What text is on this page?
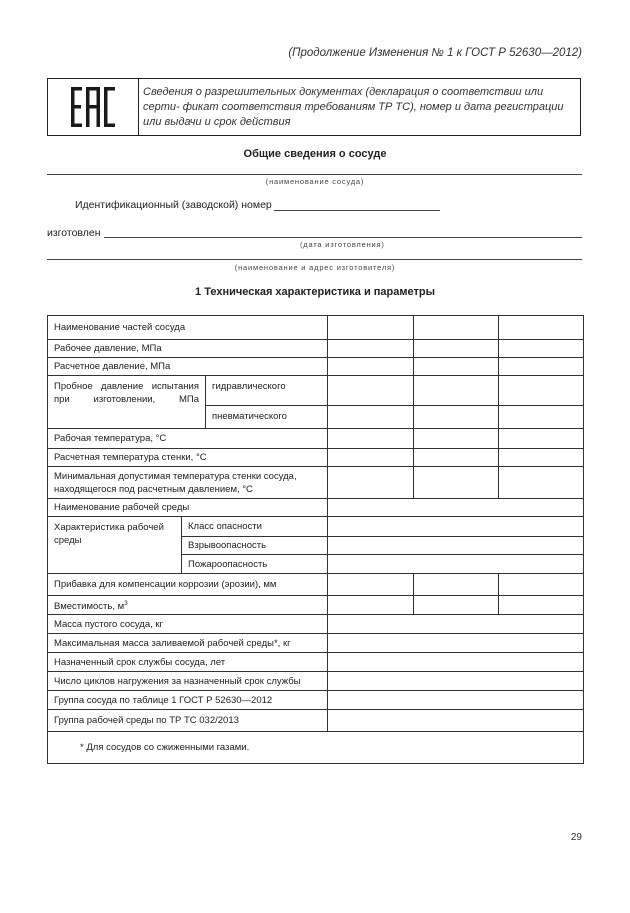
(Продолжение Изменения № 1 к ГОСТ Р 52630—2012)
Сведения о разрешительных документах (декларация о соответствии или серти- фикат соответствия требованиям ТР ТС), номер и дата регистрации или выдачи и срок действия
Общие сведения о сосуде
(наименование сосуда)
Идентификационный (заводской) номер
изготовлен
(дата изготовления)
(наименование и адрес изготовителя)
1 Техническая характеристика и параметры
Наименование частей сосуда					
Рабочее давление, МПа					
Расчетное давление, МПа					
Пробное давление испытания при изготовлении, МПа		гидравлического			
		пневматического			
Рабочая температура, °С					
Расчетная температура стенки, °С					
Минимальная допустимая температура стенки сосуда, находящегося под расчетным давлением, °С					
Наименование рабочей среды					
Характеристика рабочей среды	Класс опасности				
	Взрывоопасность				
	Пожароопасность				
Прибавка для компенсации коррозии (эрозии), мм					
Вместимость, $м^3$			
Масса пустого сосуда, кг					
Максимальная масса заливаемой рабочей среды*, кг					
Назначенный срок службы сосуда, лет					
Число циклов нагружения за назначенный срок службы					
Группа сосуда по таблице 1 ГОСТ Р 52630—2012					
Группа рабочей среды по ТР ТС 032/2013					
* Для сосудов со сжиженными газами.					
29
